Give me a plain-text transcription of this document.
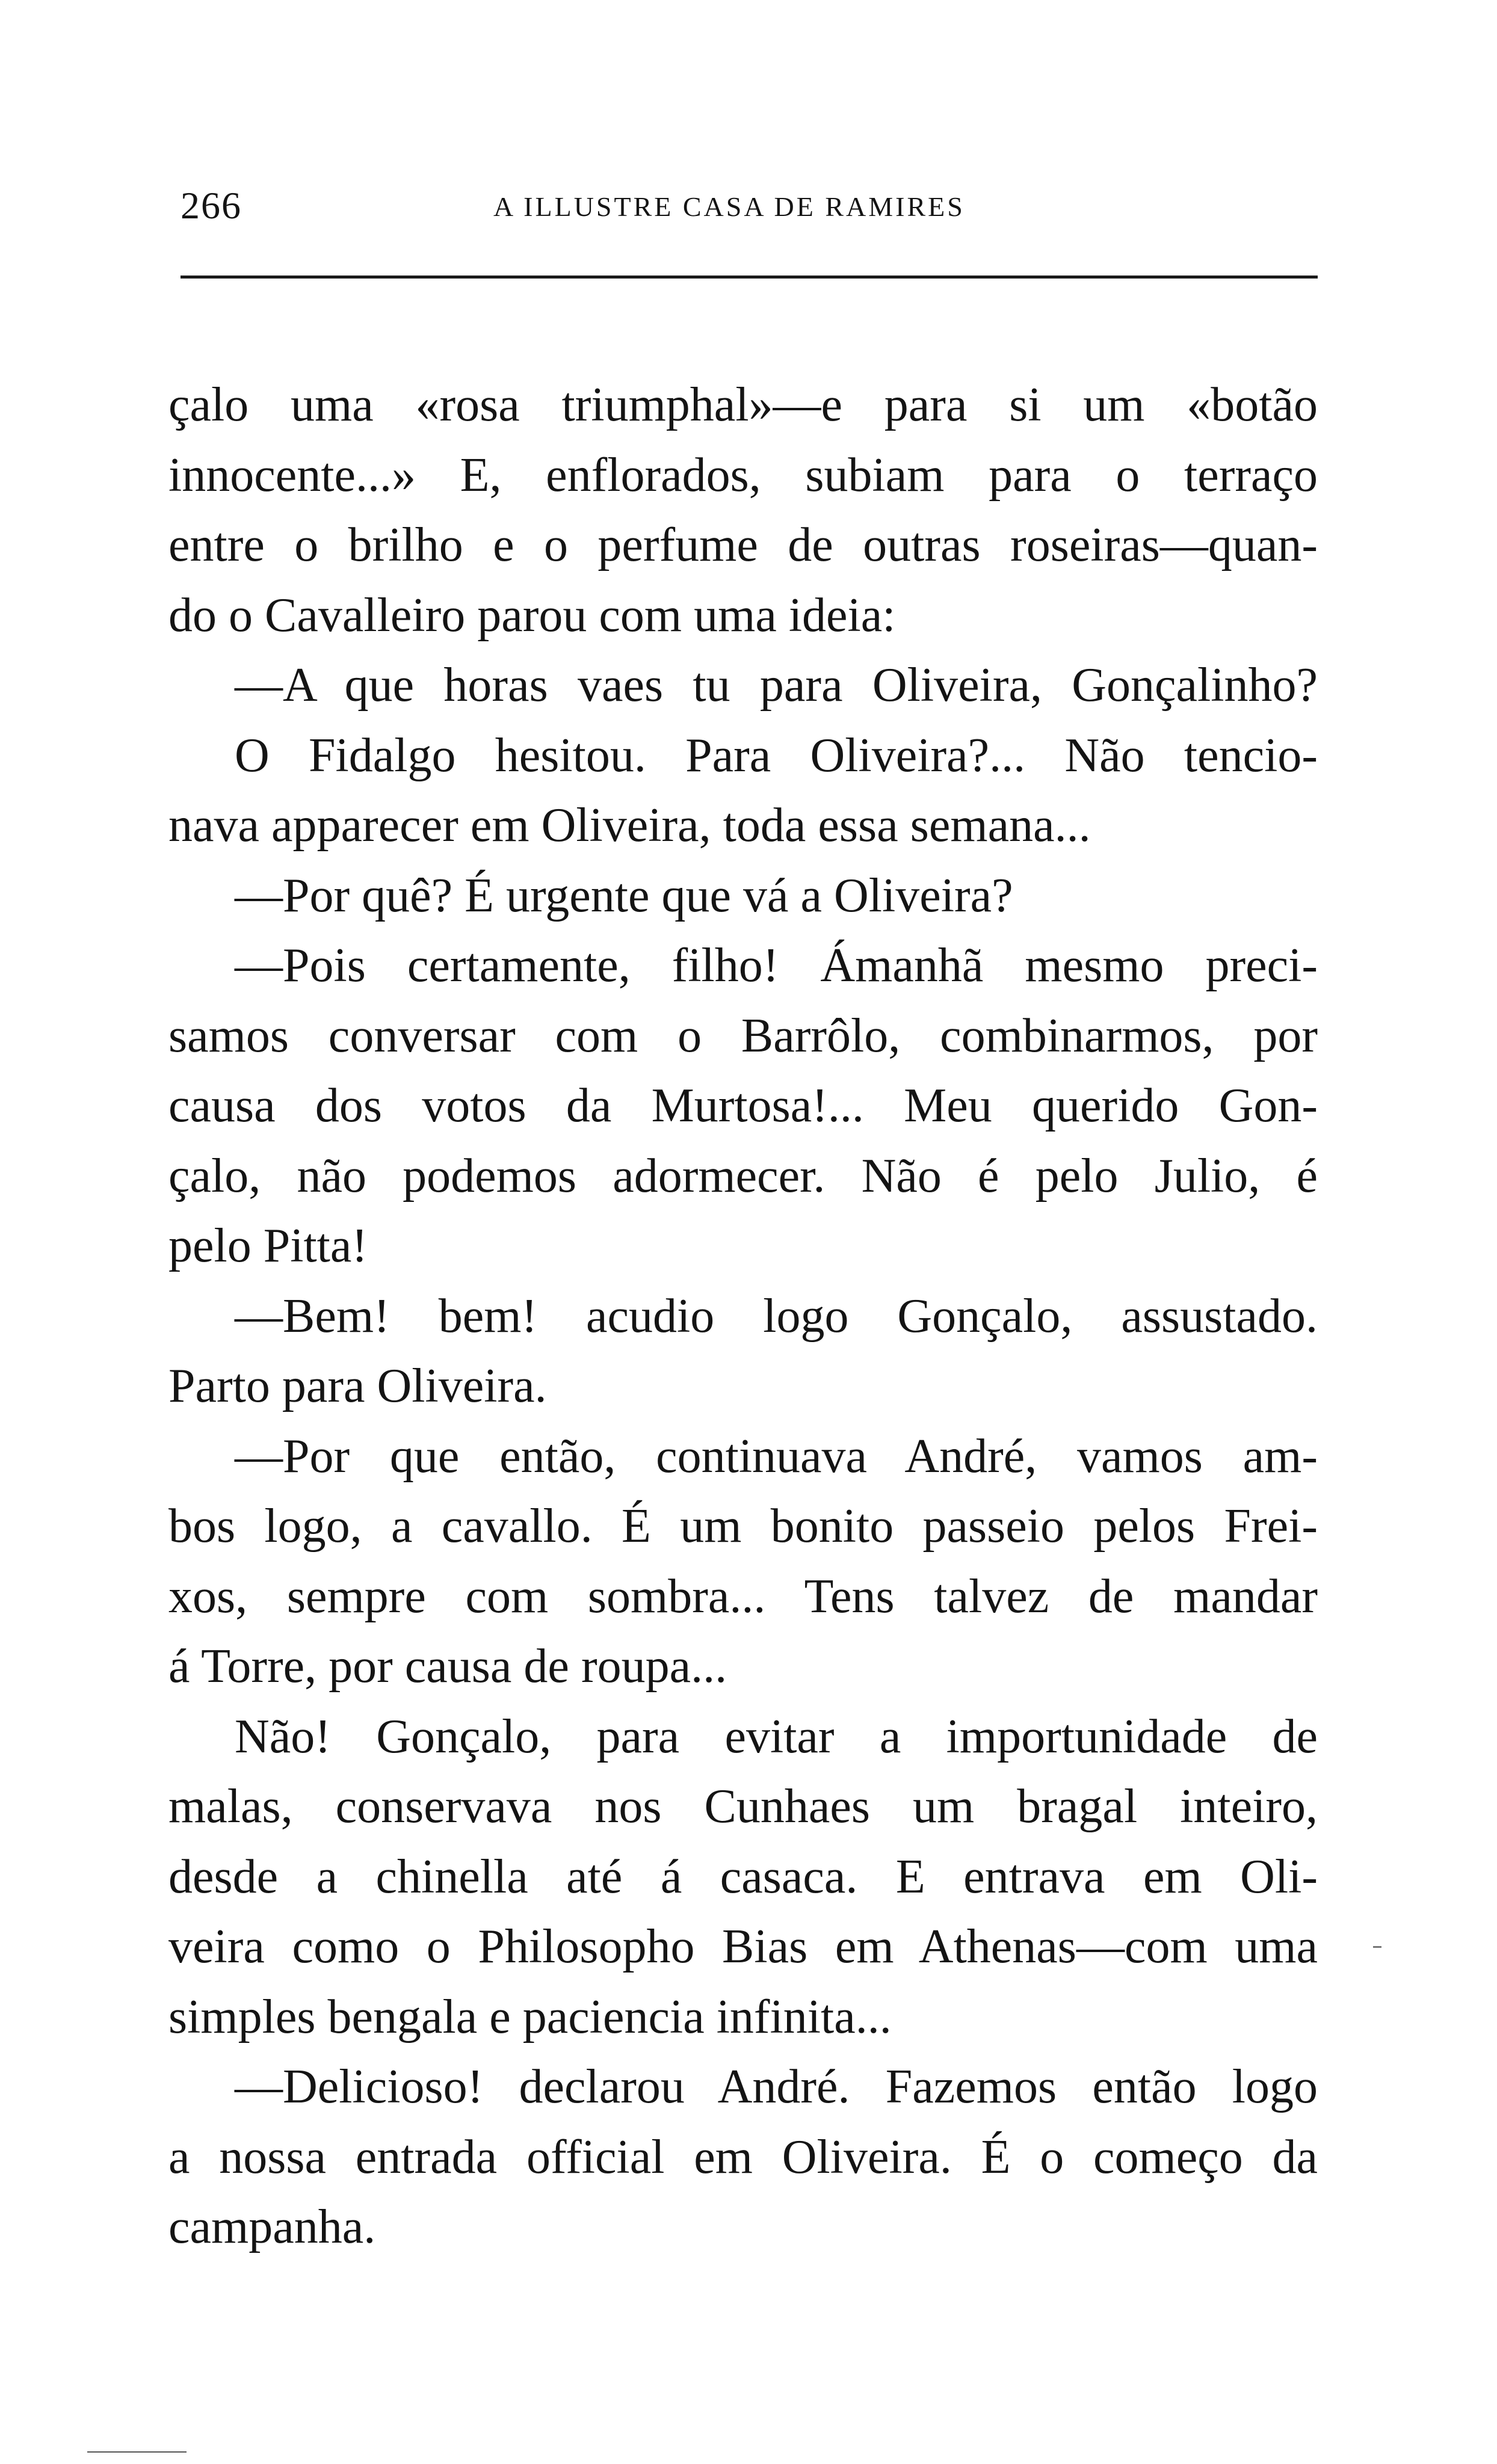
266	A ILLUSTRE CASA DE RAMIRES
çalo uma «rosa triumphal»—e para si um «botão
innocente...» E, enflorados, subiam para o terraço
entre o brilho e o perfume de outras roseiras—quan-
do o Cavalleiro parou com uma ideia:
—A que horas vaes tu para Oliveira, Gonçalinho?
O Fidalgo hesitou. Para Oliveira?... Não tencio-
nava apparecer em Oliveira, toda essa semana...
—Por quê? É urgente que vá a Oliveira?
—Pois certamente, filho! Ámanhã mesmo preci-
samos conversar com o Barrôlo, combinarmos, por
causa dos votos da Murtosa!... Meu querido Gon-
çalo, não podemos adormecer. Não é pelo Julio, é
pelo Pitta!
—Bem! bem! acudio logo Gonçalo, assustado.
Parto para Oliveira.
—Por que então, continuava André, vamos am-
bos logo, a cavallo. É um bonito passeio pelos Frei-
xos, sempre com sombra... Tens talvez de mandar
á Torre, por causa de roupa...
Não! Gonçalo, para evitar a importunidade de
malas, conservava nos Cunhaes um bragal inteiro,
desde a chinella até á casaca. E entrava em Oli-
veira como o Philosopho Bias em Athenas—com uma
simples bengala e paciencia infinita...
—Delicioso! declarou André. Fazemos então logo
a nossa entrada official em Oliveira. É o começo da
campanha.
